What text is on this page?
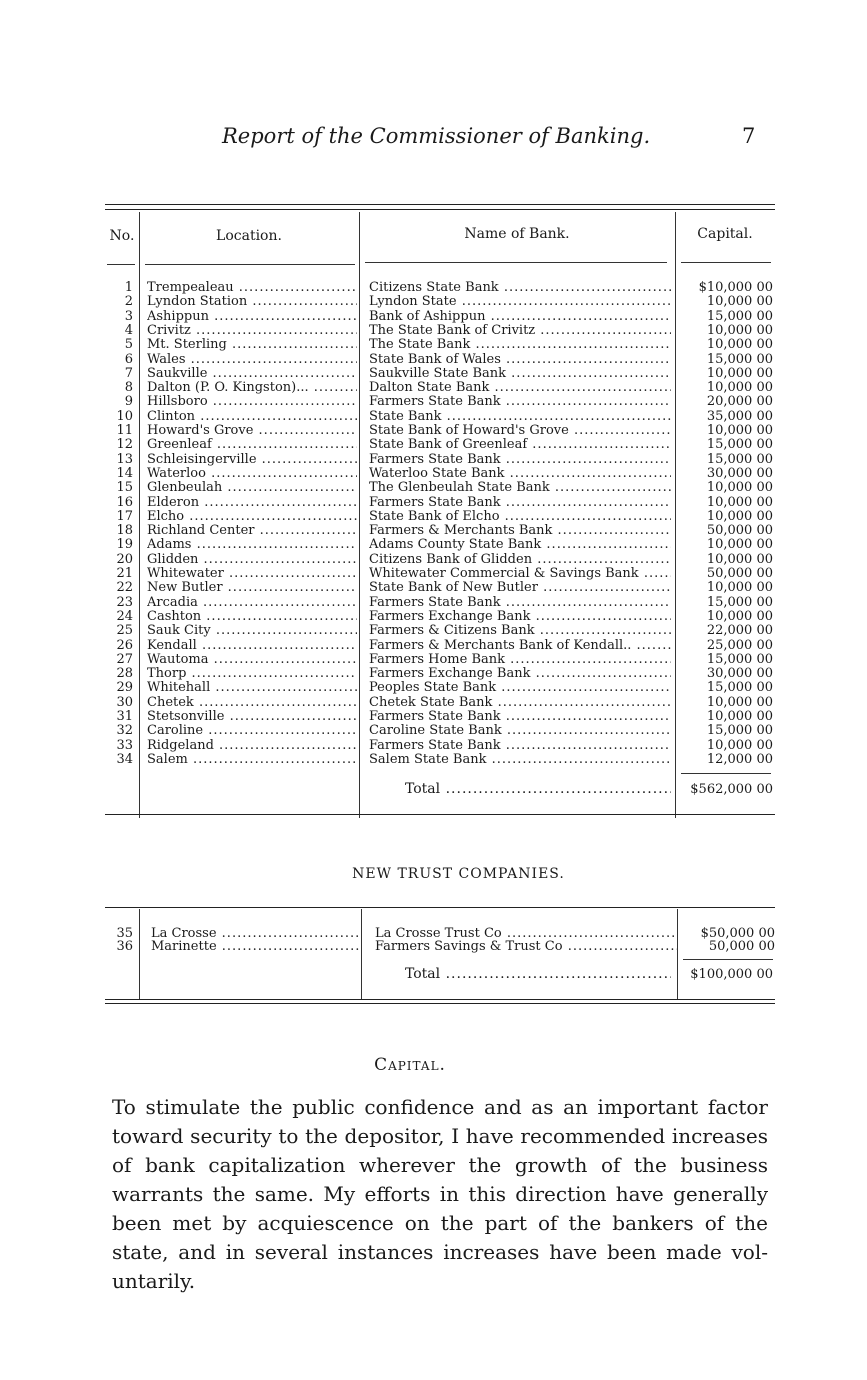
Report of the Commissioner of Banking.	7
No.	Location.	Name of Bank.	Capital.
1 Trempealeau .....	Citizens State Bank .....	$10,000 00
2 Lyndon Station .....	Lyndon State .....	10,000 00
3 Ashippun .....	Bank of Ashippun .....	15,000 00
4 Crivitz .....	The State Bank of Crivitz .....	10,000 00
5 Mt. Sterling .....	The State Bank .....	10,000 00
6 Wales .....	State Bank of Wales .....	15,000 00
7 Saukville .....	Saukville State Bank .....	10,000 00
8 Dalton (P. O. Kingston)... .....	Dalton State Bank .....	10,000 00
9 Hillsboro .....	Farmers State Bank .....	20,000 00
10 Clinton .....	State Bank .....	35,000 00
11 Howard's Grove .....	State Bank of Howard's Grove .....	10,000 00
12 Greenleaf .....	State Bank of Greenleaf .....	15,000 00
13 Schleisingerville .....	Farmers State Bank .....	15,000 00
14 Waterloo .....	Waterloo State Bank .....	30,000 00
15 Glenbeulah .....	The Glenbeulah State Bank .....	10,000 00
16 Elderon .....	Farmers State Bank .....	10,000 00
17 Elcho .....	State Bank of Elcho .....	10,000 00
18 Richland Center .....	Farmers & Merchants Bank .....	50,000 00
19 Adams .....	Adams County State Bank .....	10,000 00
20 Glidden .....	Citizens Bank of Glidden .....	10,000 00
21 Whitewater .....	Whitewater Commercial & Savings Bank .....	50,000 00
22 New Butler .....	State Bank of New Butler .....	10,000 00
23 Arcadia .....	Farmers State Bank .....	15,000 00
24 Cashton .....	Farmers Exchange Bank .....	10,000 00
25 Sauk City .....	Farmers & Citizens Bank .....	22,000 00
26 Kendall .....	Farmers & Merchants Bank of Kendall.. .....	25,000 00
27 Wautoma .....	Farmers Home Bank .....	15,000 00
28 Thorp .....	Farmers Exchange Bank .....	30,000 00
29 Whitehall .....	Peoples State Bank .....	15,000 00
30 Chetek .....	Chetek State Bank .....	10,000 00
31 Stetsonville .....	Farmers State Bank .....	10,000 00
32 Caroline .....	Caroline State Bank .....	15,000 00
33 Ridgeland .....	Farmers State Bank .....	10,000 00
34 Salem .....	Salem State Bank .....	12,000 00
Total .....	$562,000 00
NEW TRUST COMPANIES.
35 La Crosse .....	La Crosse Trust Co .....	$50,000 00
36 Marinette .....	Farmers Savings & Trust Co .....	50,000 00
Total .....	$100,000 00
Capital.
To stimulate the public confidence and as an important factor
toward security to the depositor, I have recommended increases
of bank capitalization wherever the growth of the business
warrants the same. My efforts in this direction have generally
been met by acquiescence on the part of the bankers of the
state, and in several instances increases have been made vol-
untarily.
